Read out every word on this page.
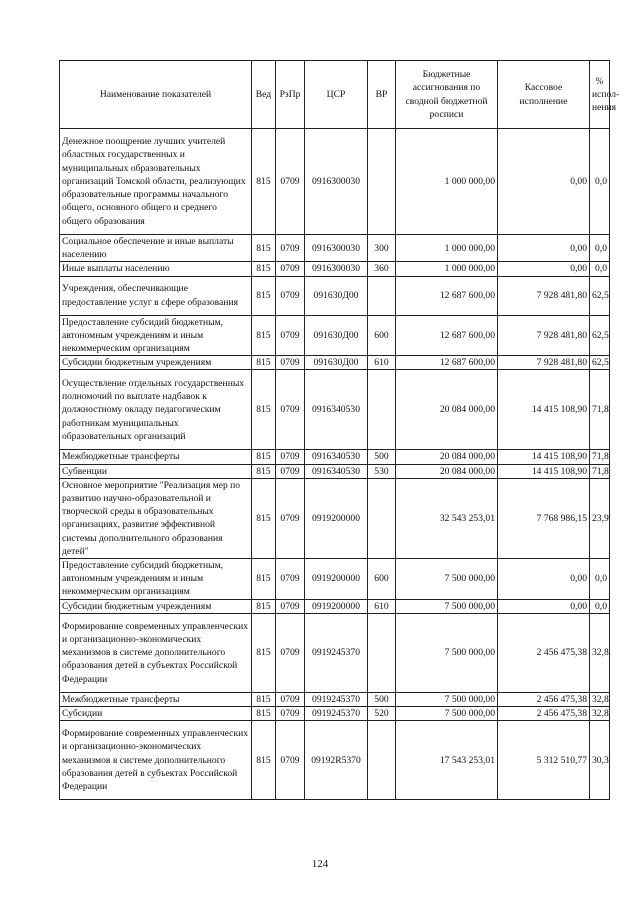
Наименование показателей	Вед	РзПр	ЦСР	ВР	Бюджетные ассигнования по сводной бюджетной росписи	Кассовое исполнение	% испол-нения
Денежное поощрение лучших учителей областных государственных и муниципальных образовательных организаций Томской области, реализующих образовательные программы начального общего, основного общего и среднего общего образования	815	0709	0916300030		1 000 000,00	0,00	0,0
Социальное обеспечение и иные выплаты населению	815	0709	0916300030	300	1 000 000,00	0,00	0,0
Иные выплаты населению	815	0709	0916300030	360	1 000 000,00	0,00	0,0
Учреждения, обеспечивающие предоставление услуг в сфере образования	815	0709	091630Д00		12 687 600,00	7 928 481,80	62,5
Предоставление субсидий бюджетным, автономным учреждениям и иным некоммерческим организациям	815	0709	091630Д00	600	12 687 600,00	7 928 481,80	62,5
Субсидии бюджетным учреждениям	815	0709	091630Д00	610	12 687 600,00	7 928 481,80	62,5
Осуществление отдельных государственных полномочий по выплате надбавок к должностному окладу педагогическим работникам муниципальных образовательных организаций	815	0709	0916340530		20 084 000,00	14 415 108,90	71,8
Межбюджетные трансферты	815	0709	0916340530	500	20 084 000,00	14 415 108,90	71,8
Субвенции	815	0709	0916340530	530	20 084 000,00	14 415 108,90	71,8
Основное мероприятие "Реализация мер по развитию научно-образовательной и творческой среды в образовательных организациях, развитие эффективной системы дополнительного образования детей"	815	0709	0919200000		32 543 253,01	7 768 986,15	23,9
Предоставление субсидий бюджетным, автономным учреждениям и иным некоммерческим организациям	815	0709	0919200000	600	7 500 000,00	0,00	0,0
Субсидии бюджетным учреждениям	815	0709	0919200000	610	7 500 000,00	0,00	0,0
Формирование современных управленческих и организационно-экономических механизмов в системе дополнительного образования детей в субъектах Российской Федерации	815	0709	0919245370		7 500 000,00	2 456 475,38	32,8
Межбюджетные трансферты	815	0709	0919245370	500	7 500 000,00	2 456 475,38	32,8
Субсидии	815	0709	0919245370	520	7 500 000,00	2 456 475,38	32,8
Формирование современных управленческих и организационно-экономических механизмов в системе дополнительного образования детей в субъектах Российской Федерации	815	0709	09192R5370		17 543 253,01	5 312 510,77	30,3
124
